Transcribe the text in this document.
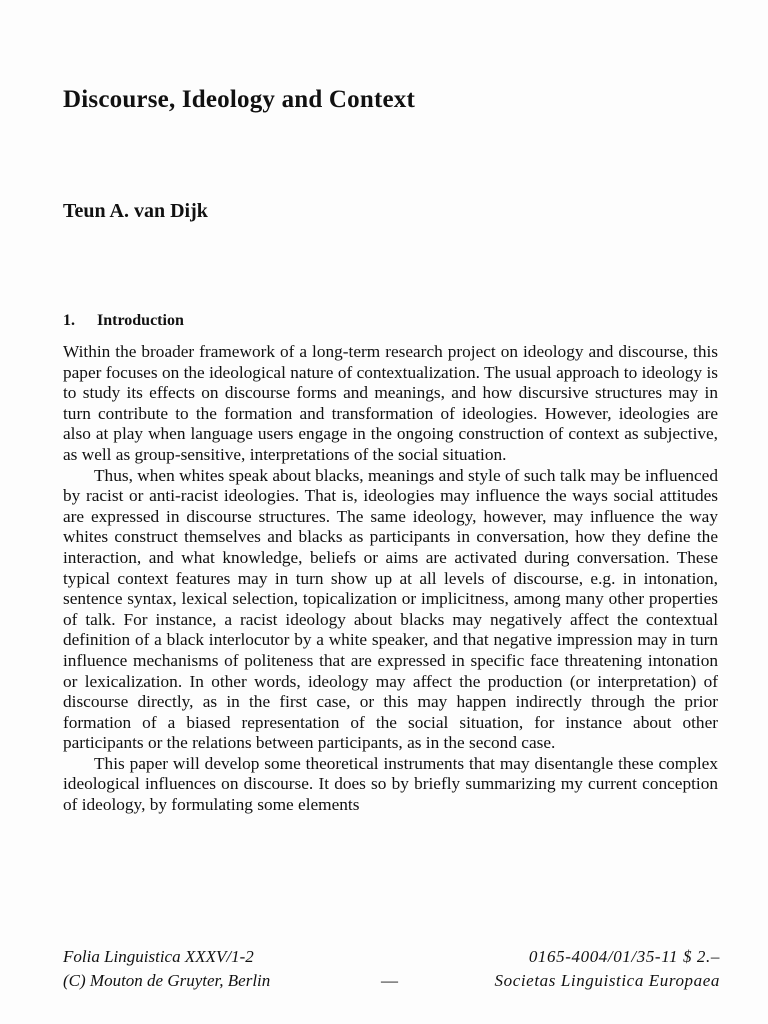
Discourse, Ideology and Context
Teun A. van Dijk
1. Introduction

Within the broader framework of a long-term research project on ideology and discourse, this paper focuses on the ideological nature of contextualization. The usual approach to ideology is to study its effects on discourse forms and meanings, and how discursive structures may in turn contribute to the formation and transformation of ideologies. However, ideologies are also at play when language users engage in the ongoing construction of context as subjective, as well as group-sensitive, interpretations of the social situation.

Thus, when whites speak about blacks, meanings and style of such talk may be influenced by racist or anti-racist ideologies. That is, ideologies may influence the ways social attitudes are expressed in discourse structures. The same ideology, however, may influence the way whites construct themselves and blacks as participants in conversation, how they define the interaction, and what knowledge, beliefs or aims are activated during conversation. These typical context features may in turn show up at all levels of discourse, e.g. in intonation, sentence syntax, lexical selection, topicalization or implicitness, among many other properties of talk. For instance, a racist ideology about blacks may negatively affect the contextual definition of a black interlocutor by a white speaker, and that negative impression may in turn influence mechanisms of politeness that are expressed in specific face threatening intonation or lexicalization. In other words, ideology may affect the production (or interpretation) of discourse directly, as in the first case, or this may happen indirectly through the prior formation of a biased representation of the social situation, for instance about other participants or the relations between participants, as in the second case.

This paper will develop some theoretical instruments that may disentangle these complex ideological influences on discourse. It does so by briefly summarizing my current conception of ideology, by formulating some elements

Folia Linguistica XXXV/1-2
(C) Mouton de Gruyter, Berlin	—
0165-4004/01/35-11 $ 2.–
Societas Linguistica Europaea
